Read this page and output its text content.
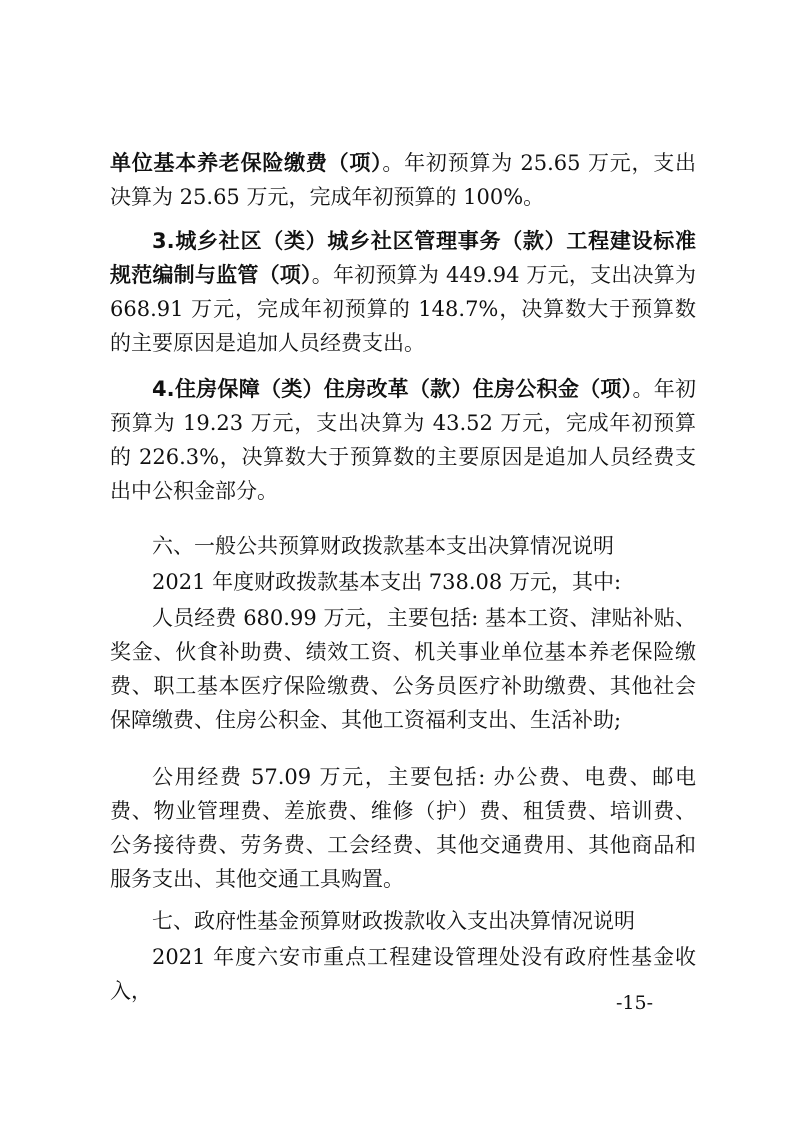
单位基本养老保险缴费（项）。年初预算为 25.65 万元，支出决算为 25.65 万元，完成年初预算的 100%。

3.城乡社区（类）城乡社区管理事务（款）工程建设标准规范编制与监管（项）。年初预算为 449.94 万元，支出决算为 668.91 万元，完成年初预算的 148.7%，决算数大于预算数的主要原因是追加人员经费支出。

4.住房保障（类）住房改革（款）住房公积金（项）。年初预算为 19.23 万元，支出决算为 43.52 万元，完成年初预算的 226.3%，决算数大于预算数的主要原因是追加人员经费支出中公积金部分。

六、一般公共预算财政拨款基本支出决算情况说明

2021 年度财政拨款基本支出 738.08 万元，其中:

人员经费 680.99 万元，主要包括: 基本工资、津贴补贴、奖金、伙食补助费、绩效工资、机关事业单位基本养老保险缴费、职工基本医疗保险缴费、公务员医疗补助缴费、其他社会保障缴费、住房公积金、其他工资福利支出、生活补助;

公用经费 57.09 万元，主要包括: 办公费、电费、邮电费、物业管理费、差旅费、维修（护）费、租赁费、培训费、公务接待费、劳务费、工会经费、其他交通费用、其他商品和服务支出、其他交通工具购置。

七、政府性基金预算财政拨款收入支出决算情况说明

2021 年度六安市重点工程建设管理处没有政府性基金收入，	-15-
